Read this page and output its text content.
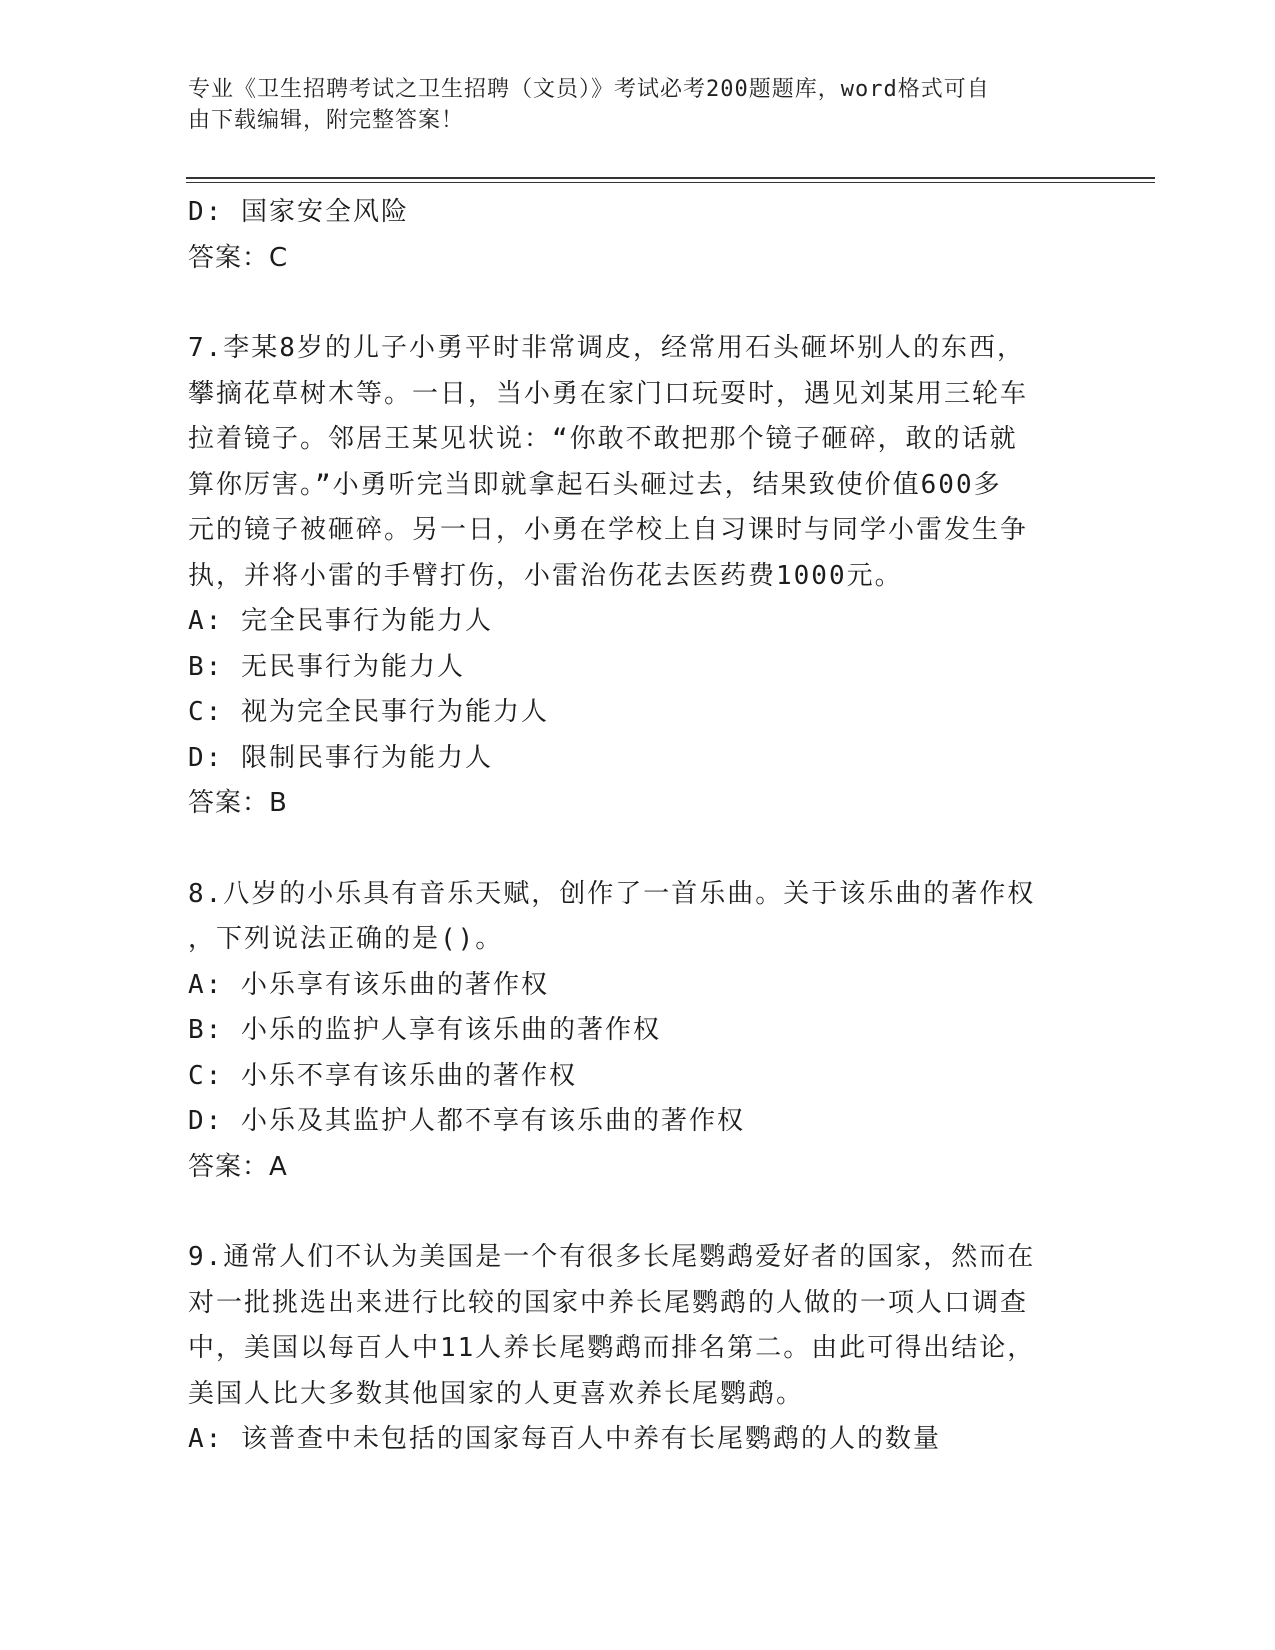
专业《卫生招聘考试之卫生招聘（文员）》考试必考200题题库，word格式可自
由下载编辑，附完整答案！
D: 国家安全风险
答案：C
7.李某8岁的儿子小勇平时非常调皮，经常用石头砸坏别人的东西，
攀摘花草树木等。一日，当小勇在家门口玩耍时，遇见刘某用三轮车
拉着镜子。邻居王某见状说：“你敢不敢把那个镜子砸碎，敢的话就
算你厉害。”小勇听完当即就拿起石头砸过去，结果致使价值600多
元的镜子被砸碎。另一日，小勇在学校上自习课时与同学小雷发生争
执，并将小雷的手臂打伤，小雷治伤花去医药费1000元。
A: 完全民事行为能力人
B: 无民事行为能力人
C: 视为完全民事行为能力人
D: 限制民事行为能力人
答案：B
8.八岁的小乐具有音乐天赋，创作了一首乐曲。关于该乐曲的著作权
，下列说法正确的是()。
A: 小乐享有该乐曲的著作权
B: 小乐的监护人享有该乐曲的著作权
C: 小乐不享有该乐曲的著作权
D: 小乐及其监护人都不享有该乐曲的著作权
答案：A
9.通常人们不认为美国是一个有很多长尾鹦鹉爱好者的国家，然而在
对一批挑选出来进行比较的国家中养长尾鹦鹉的人做的一项人口调查
中，美国以每百人中11人养长尾鹦鹉而排名第二。由此可得出结论，
美国人比大多数其他国家的人更喜欢养长尾鹦鹉。
A: 该普查中未包括的国家每百人中养有长尾鹦鹉的人的数量
